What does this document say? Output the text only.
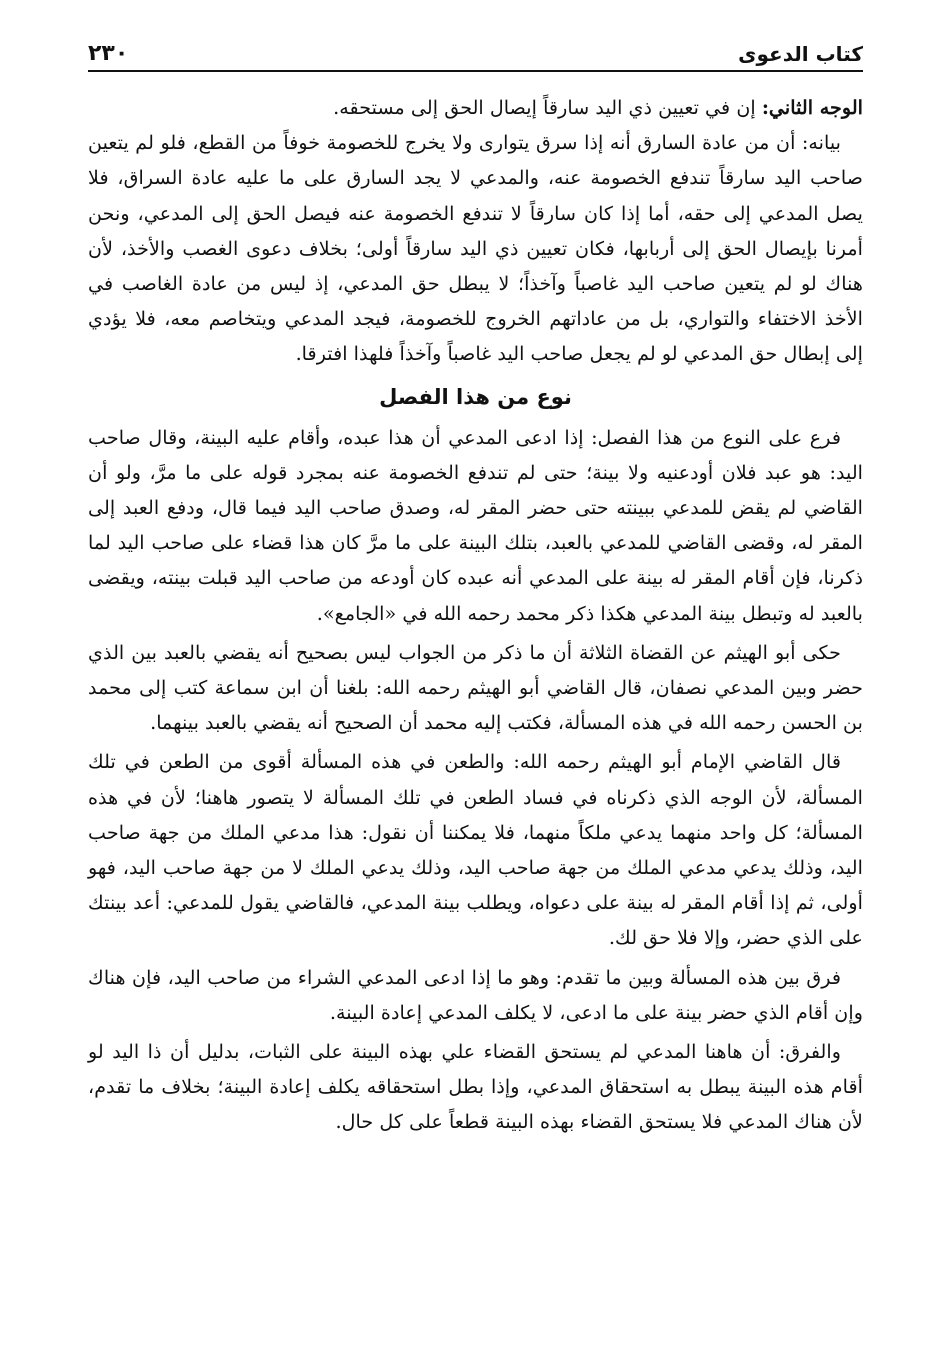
كتاب الدعوى
٢٣٠

الوجه الثاني: إن في تعيين ذي اليد سارقاً إيصال الحق إلى مستحقه.

بيانه: أن من عادة السارق أنه إذا سرق يتوارى ولا يخرج للخصومة خوفاً من القطع، فلو لم يتعين صاحب اليد سارقاً تندفع الخصومة عنه، والمدعي لا يجد السارق على ما عليه عادة السراق، فلا يصل المدعي إلى حقه، أما إذا كان سارقاً لا تندفع الخصومة عنه فيصل الحق إلى المدعي، ونحن أمرنا بإيصال الحق إلى أربابها، فكان تعيين ذي اليد سارقاً أولى؛ بخلاف دعوى الغصب والأخذ، لأن هناك لو لم يتعين صاحب اليد غاصباً وآخذاً؛ لا يبطل حق المدعي، إذ ليس من عادة الغاصب في الأخذ الاختفاء والتواري، بل من عاداتهم الخروج للخصومة، فيجد المدعي ويتخاصم معه، فلا يؤدي إلى إبطال حق المدعي لو لم يجعل صاحب اليد غاصباً وآخذاً فلهذا افترقا.

نوع من هذا الفصل

فرع على النوع من هذا الفصل: إذا ادعى المدعي أن هذا عبده، وأقام عليه البينة، وقال صاحب اليد: هو عبد فلان أودعنيه ولا بينة؛ حتى لم تندفع الخصومة عنه بمجرد قوله على ما مرَّ، ولو أن القاضي لم يقض للمدعي ببينته حتى حضر المقر له، وصدق صاحب اليد فيما قال، ودفع العبد إلى المقر له، وقضى القاضي للمدعي بالعبد، بتلك البينة على ما مرَّ كان هذا قضاء على صاحب اليد لما ذكرنا، فإن أقام المقر له بينة على المدعي أنه عبده كان أودعه من صاحب اليد قبلت بينته، ويقضى بالعبد له وتبطل بينة المدعي هكذا ذكر محمد رحمه الله في «الجامع».

حكى أبو الهيثم عن القضاة الثلاثة أن ما ذكر من الجواب ليس بصحيح أنه يقضي بالعبد بين الذي حضر وبين المدعي نصفان، قال القاضي أبو الهيثم رحمه الله: بلغنا أن ابن سماعة كتب إلى محمد بن الحسن رحمه الله في هذه المسألة، فكتب إليه محمد أن الصحيح أنه يقضي بالعبد بينهما.

قال القاضي الإمام أبو الهيثم رحمه الله: والطعن في هذه المسألة أقوى من الطعن في تلك المسألة، لأن الوجه الذي ذكرناه في فساد الطعن في تلك المسألة لا يتصور هاهنا؛ لأن في هذه المسألة؛ كل واحد منهما يدعي ملكاً منهما، فلا يمكننا أن نقول: هذا مدعي الملك من جهة صاحب اليد، وذلك يدعي مدعي الملك من جهة صاحب اليد، وذلك يدعي الملك لا من جهة صاحب اليد، فهو أولى، ثم إذا أقام المقر له بينة على دعواه، ويطلب بينة المدعي، فالقاضي يقول للمدعي: أعد بينتك على الذي حضر، وإلا فلا حق لك.

فرق بين هذه المسألة وبين ما تقدم: وهو ما إذا ادعى المدعي الشراء من صاحب اليد، فإن هناك وإن أقام الذي حضر بينة على ما ادعى، لا يكلف المدعي إعادة البينة.

والفرق: أن هاهنا المدعي لم يستحق القضاء علي بهذه البينة على الثبات، بدليل أن ذا اليد لو أقام هذه البينة يبطل به استحقاق المدعي، وإذا بطل استحقاقه يكلف إعادة البينة؛ بخلاف ما تقدم، لأن هناك المدعي فلا يستحق القضاء بهذه البينة قطعاً على كل حال.
